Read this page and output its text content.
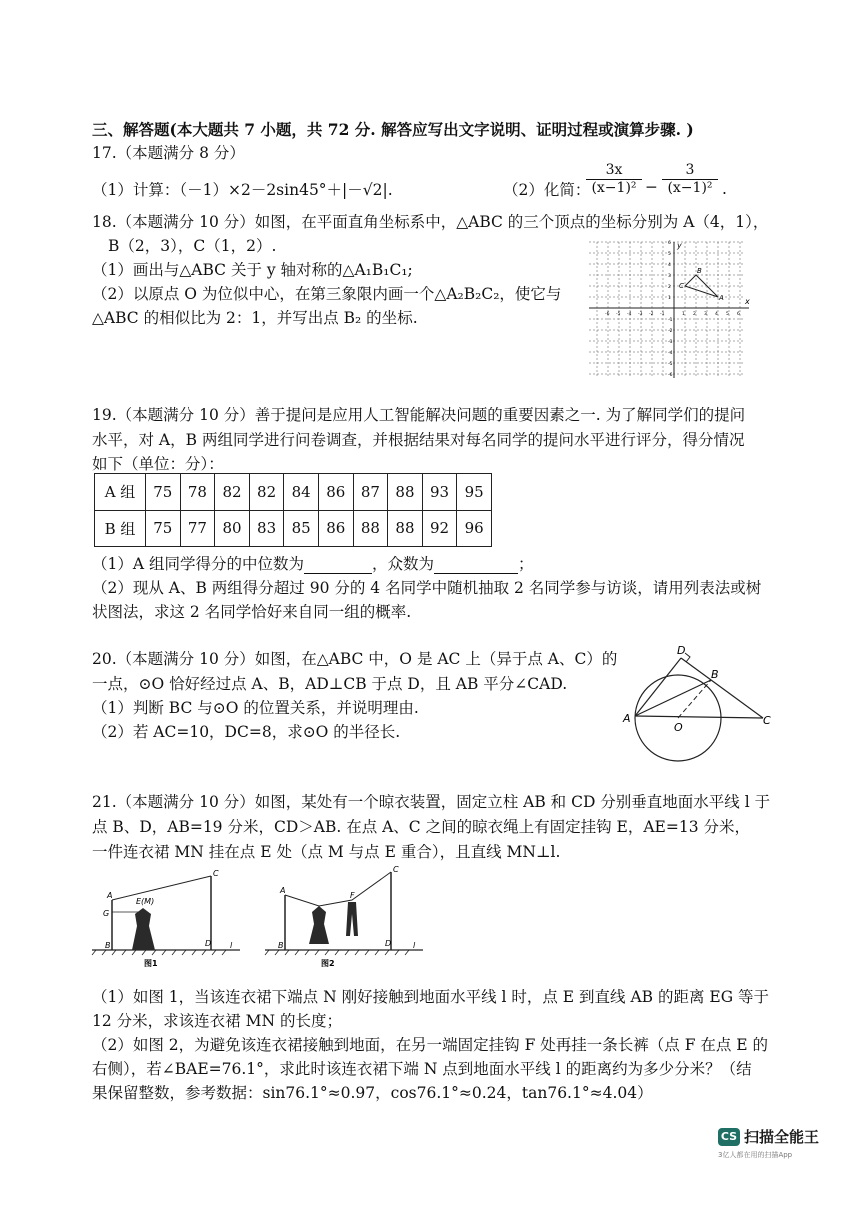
三、解答题(本大题共 7 小题，共 72 分. 解答应写出文字说明、证明过程或演算步骤. )
17.（本题满分 8 分）
（1）计算：（－1）×2－2sin45°＋|－√2|.	（2）化简：
$\frac{3x}{\text{(x−1)²}} - \frac{3}{\text{(x−1)²}}$ .
18.（本题满分 10 分）如图，在平面直角坐标系中，△ABC 的三个顶点的坐标分别为 A（4，1），
B（2，3），C（1，2）.
（1）画出与△ABC 关于 y 轴对称的△A₁B₁C₁;
（2）以原点 O 为位似中心，在第三象限内画一个△A₂B₂C₂，使它与
△ABC 的相似比为 2：1，并写出点 B₂ 的坐标.
x
y
-6 -5 -4 -3 -2 -1	1 2 3 4 5 6
6
5
4
3
2
1
-1
-2
-3
-4
-5
-6
A
B
C
19.（本题满分 10 分）善于提问是应用人工智能解决问题的重要因素之一. 为了解同学们的提问
水平，对 A，B 两组同学进行问卷调查，并根据结果对每名同学的提问水平进行评分，得分情况
如下（单位：分）：
A 组	75	78	82	82	84	86	87	88	93	95
B 组	75	77	80	83	85	86	88	88	92	96
（1）A 组同学得分的中位数为	，众数为	；
（2）现从 A、B 两组得分超过 90 分的 4 名同学中随机抽取 2 名同学参与访谈，请用列表法或树
状图法，求这 2 名同学恰好来自同一组的概率.
20.（本题满分 10 分）如图，在△ABC 中，O 是 AC 上（异于点 A、C）的
一点，⊙O 恰好经过点 A、B，AD⊥CB 于点 D，且 AB 平分∠CAD.
（1）判断 BC 与⊙O 的位置关系，并说明理由.
（2）若 AC=10，DC=8，求⊙O 的半径长.
D
B
A	C
O
21.（本题满分 10 分）如图，某处有一个晾衣装置，固定立柱 AB 和 CD 分别垂直地面水平线 l 于
点 B、D，AB=19 分米，CD＞AB. 在点 A、C 之间的晾衣绳上有固定挂钩 E，AE=13 分米，
一件连衣裙 MN 挂在点 E 处（点 M 与点 E 重合），且直线 MN⊥l.
A
G
E(M)
C
B	D l
图1
A
F
C
B	D	l
图2
（1）如图 1，当该连衣裙下端点 N 刚好接触到地面水平线 l 时，点 E 到直线 AB 的距离 EG 等于
12 分米，求该连衣裙 MN 的长度；
（2）如图 2，为避免该连衣裙接触到地面，在另一端固定挂钩 F 处再挂一条长裤（点 F 在点 E 的
右侧），若∠BAE=76.1°，求此时该连衣裙下端 N 点到地面水平线 l 的距离约为多少分米？（结
果保留整数，参考数据：sin76.1°≈0.97，cos76.1°≈0.24，tan76.1°≈4.04）
CS 扫描全能王
3亿人都在用的扫描App
